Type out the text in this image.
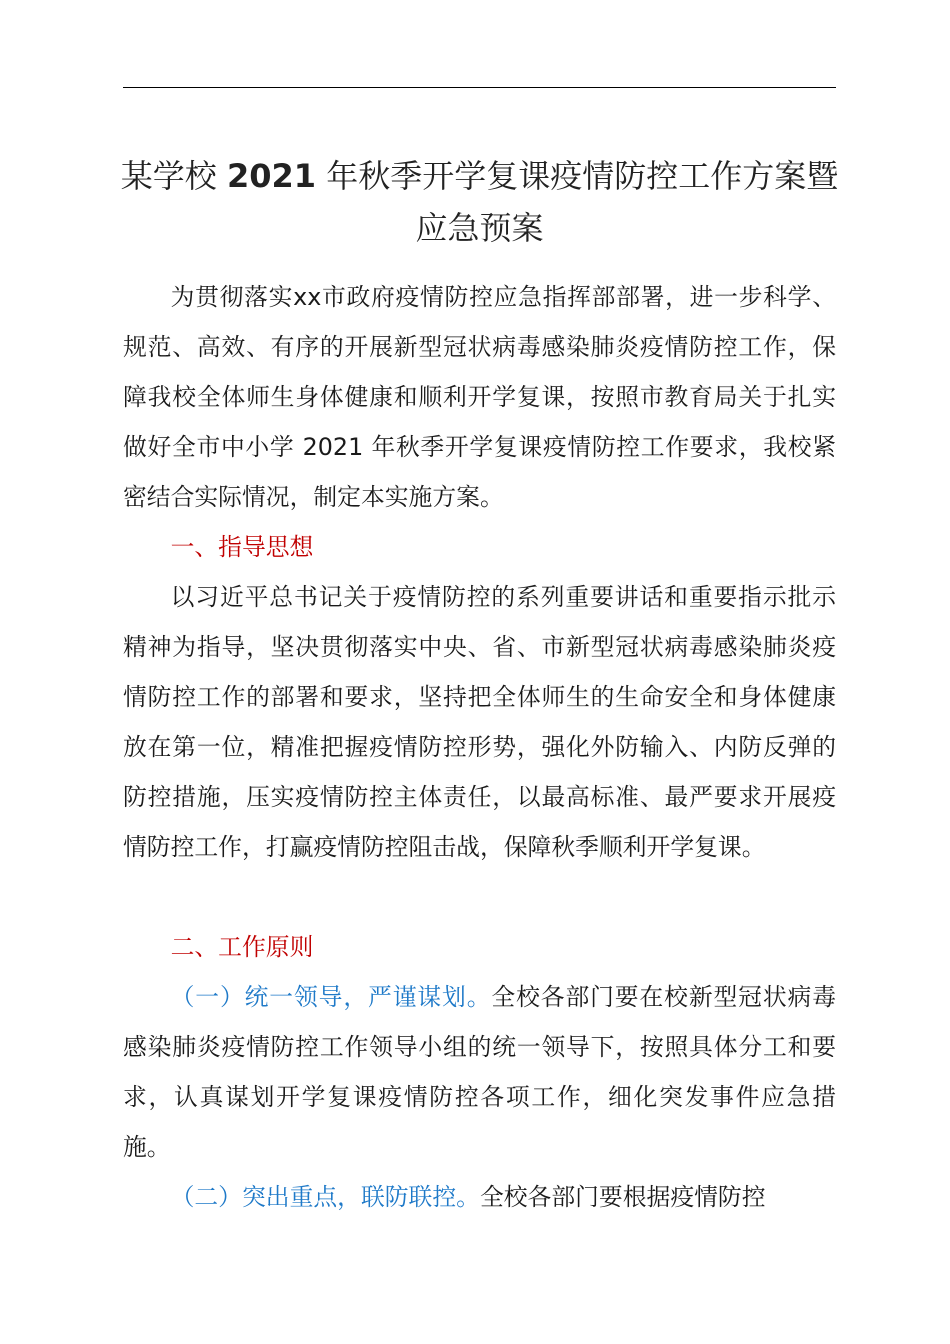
某学校 2021 年秋季开学复课疫情防控工作方案暨应急预案

为贯彻落实xx市政府疫情防控应急指挥部部署，进一步科学、规范、高效、有序的开展新型冠状病毒感染肺炎疫情防控工作，保障我校全体师生身体健康和顺利开学复课，按照市教育局关于扎实做好全市中小学 2021 年秋季开学复课疫情防控工作要求，我校紧密结合实际情况，制定本实施方案。

一、指导思想

以习近平总书记关于疫情防控的系列重要讲话和重要指示批示精神为指导，坚决贯彻落实中央、省、市新型冠状病毒感染肺炎疫情防控工作的部署和要求，坚持把全体师生的生命安全和身体健康放在第一位，精准把握疫情防控形势，强化外防输入、内防反弹的防控措施，压实疫情防控主体责任，以最高标准、最严要求开展疫情防控工作，打赢疫情防控阻击战，保障秋季顺利开学复课。

二、工作原则

（一）统一领导，严谨谋划。全校各部门要在校新型冠状病毒感染肺炎疫情防控工作领导小组的统一领导下，按照具体分工和要求，认真谋划开学复课疫情防控各项工作，细化突发事件应急措施。

（二）突出重点，联防联控。全校各部门要根据疫情防控
